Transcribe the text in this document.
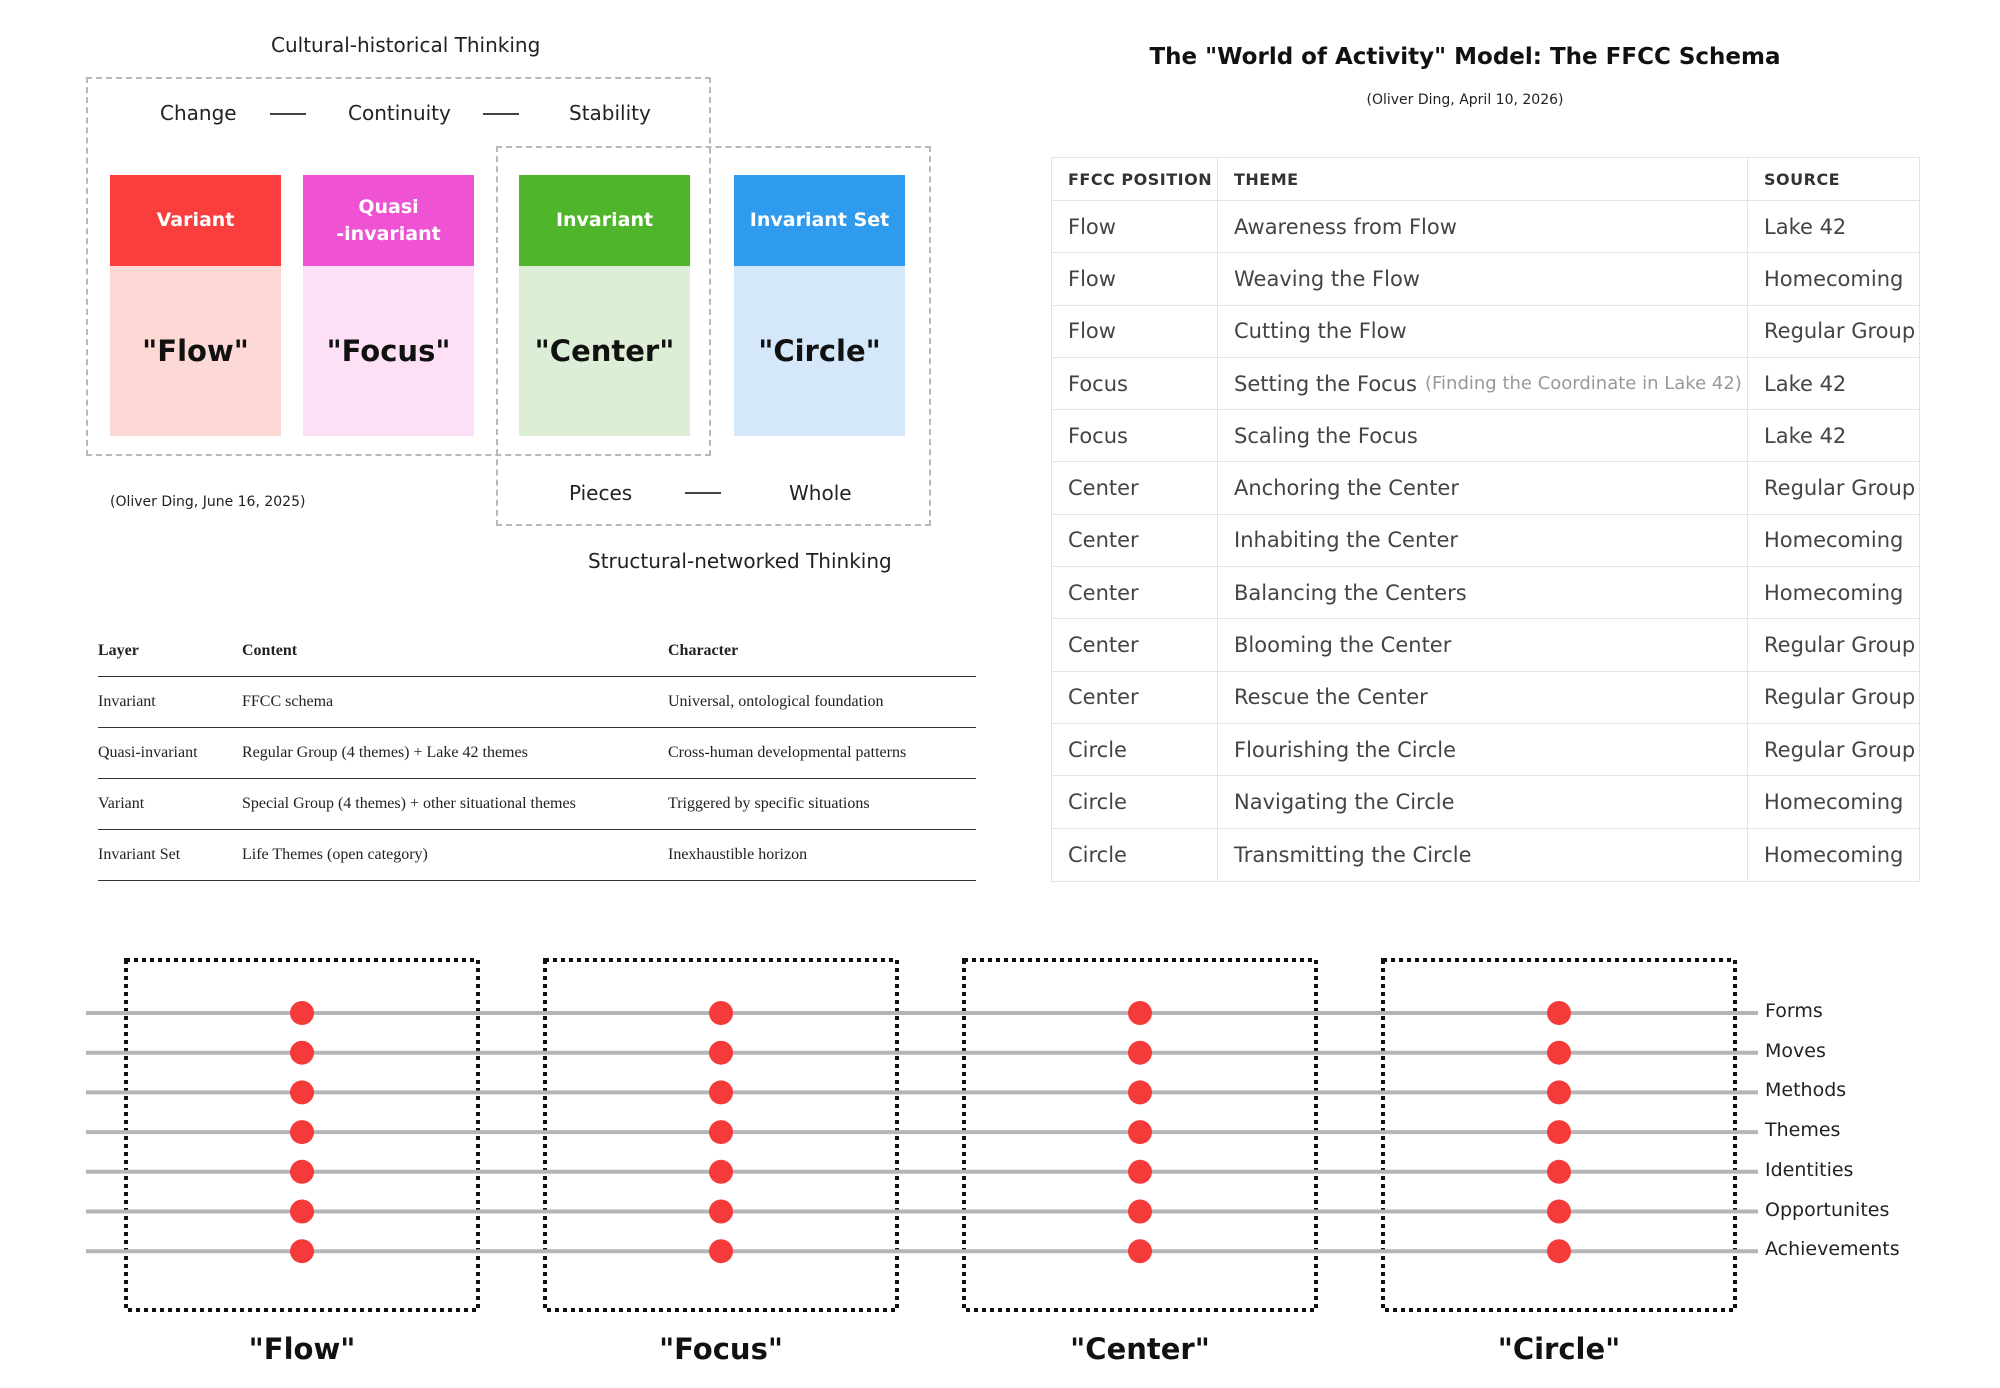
Cultural-historical Thinking
Change	Continuity	Stability
Variant
"Flow"
Quasi
-invariant
"Focus"
Invariant
"Center"
Invariant Set
"Circle"
(Oliver Ding, June 16, 2025)	Pieces	Whole
Structural-networked Thinking
Layer	Content	Character
Invariant	FFCC schema	Universal, ontological foundation
Quasi-invariant	Regular Group (4 themes) + Lake 42 themes	Cross-human developmental patterns
Variant	Special Group (4 themes) + other situational themes	Triggered by specific situations
Invariant Set	Life Themes (open category)	Inexhaustible horizon
The "World of Activity" Model: The FFCC Schema
(Oliver Ding, April 10, 2026)
FFCC POSITION	THEME	SOURCE
Flow	Awareness from Flow	Lake 42
Flow	Weaving the Flow	Homecoming
Flow	Cutting the Flow	Regular Group
Focus	Setting the Focus (Finding the Coordinate in Lake 42)	Lake 42
Focus	Scaling the Focus	Lake 42
Center	Anchoring the Center	Regular Group
Center	Inhabiting the Center	Homecoming
Center	Balancing the Centers	Homecoming
Center	Blooming the Center	Regular Group
Center	Rescue the Center	Regular Group
Circle	Flourishing the Circle	Regular Group
Circle	Navigating the Circle	Homecoming
Circle	Transmitting the Circle	Homecoming
Forms
Moves
Methods
Themes
Identities
Opportunites
Achievements
"Flow"	"Focus"	"Center"	"Circle"
